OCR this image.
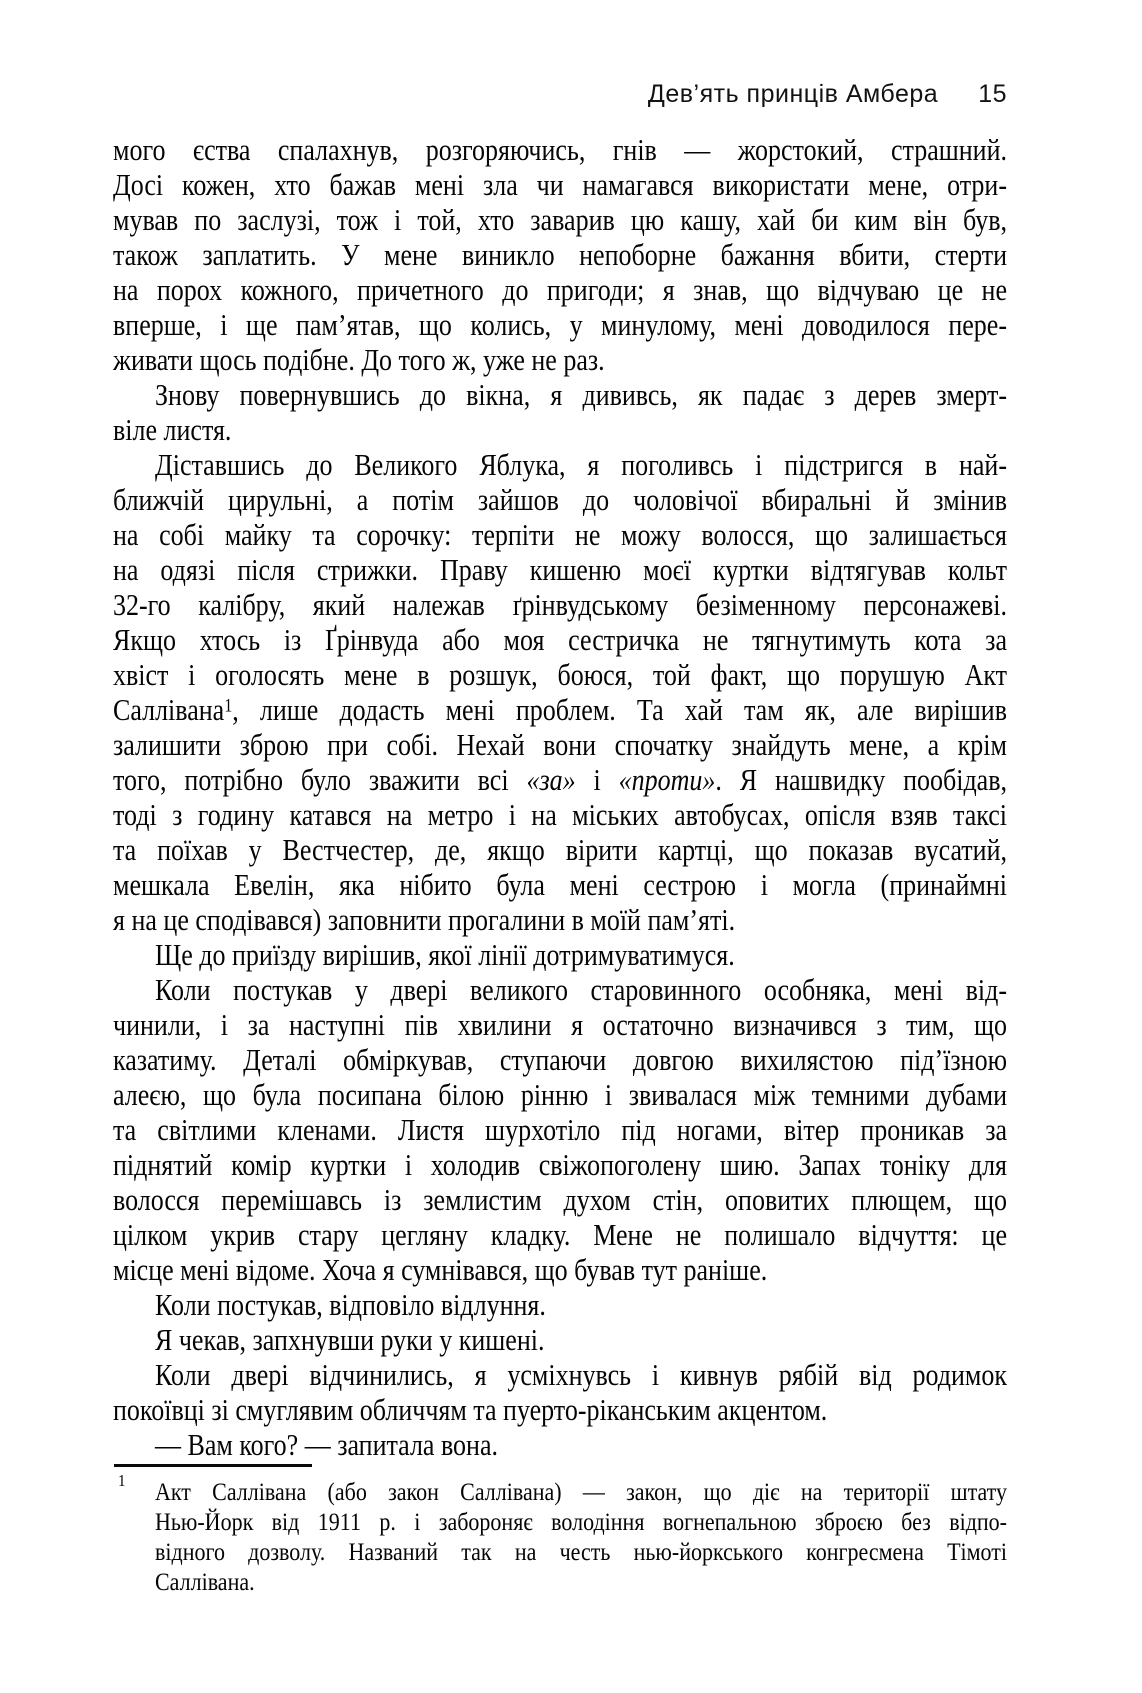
Дев’ять принців Амбера 15
мого єства спалахнув, розгоряючись, гнів — жорстокий, страшний.
Досі кожен, хто бажав мені зла чи намагався використати мене, отри-
мував по заслузі, тож і той, хто заварив цю кашу, хай би ким він був,
також заплатить. У мене виникло непоборне бажання вбити, стерти
на порох кожного, причетного до пригоди; я знав, що відчуваю це не
вперше, і ще пам’ятав, що колись, у минулому, мені доводилося пере-
живати щось подібне. До того ж, уже не раз.
Знову повернувшись до вікна, я дививсь, як падає з дерев змерт-
віле листя.
Діставшись до Великого Яблука, я поголивсь і підстригся в най-
ближчій цирульні, а потім зайшов до чоловічої вбиральні й змінив
на собі майку та сорочку: терпіти не можу волосся, що залишається
на одязі після стрижки. Праву кишеню моєї куртки відтягував кольт
32-го калібру, який належав ґрінвудському безіменному персонажеві.
Якщо хтось із Ґрінвуда або моя сестричка не тягнутимуть кота за
хвіст і оголосять мене в розшук, боюся, той факт, що порушую Акт
Саллівана$^1$, лише додасть мені проблем. Та хай там як, але вирішив
залишити зброю при собі. Нехай вони спочатку знайдуть мене, а крім
того, потрібно було зважити всі «за» і «проти». Я нашвидку пообідав,
тоді з годину катався на метро і на міських автобусах, опісля взяв таксі
та поїхав у Вестчестер, де, якщо вірити картці, що показав вусатий,
мешкала Евелін, яка нібито була мені сестрою і могла (принаймні
я на це сподівався) заповнити прогалини в моїй пам’яті.
Ще до приїзду вирішив, якої лінії дотримуватимуся.
Коли постукав у двері великого старовинного особняка, мені від-
чинили, і за наступні пів хвилини я остаточно визначився з тим, що
казатиму. Деталі обміркував, ступаючи довгою вихилястою під’їзною
алеєю, що була посипана білою рінню і звивалася між темними дубами
та світлими кленами. Листя шурхотіло під ногами, вітер проникав за
піднятий комір куртки і холодив свіжопоголену шию. Запах тоніку для
волосся перемішавсь із землистим духом стін, оповитих плющем, що
цілком укрив стару цегляну кладку. Мене не полишало відчуття: це
місце мені відоме. Хоча я сумнівався, що бував тут раніше.
Коли постукав, відповіло відлуння.
Я чекав, запхнувши руки у кишені.
Коли двері відчинились, я усміхнувсь і кивнув рябій від родимок
покоївці зі смуглявим обличчям та пуерто-ріканським акцентом.
— Вам кого? — запитала вона.
1 Акт Саллівана (або закон Саллівана) — закон, що діє на території штату
Нью-Йорк від 1911 р. і забороняє володіння вогнепальною зброєю без відпо-
відного дозволу. Названий так на честь нью-йоркського конгресмена Тімоті
Саллівана.
